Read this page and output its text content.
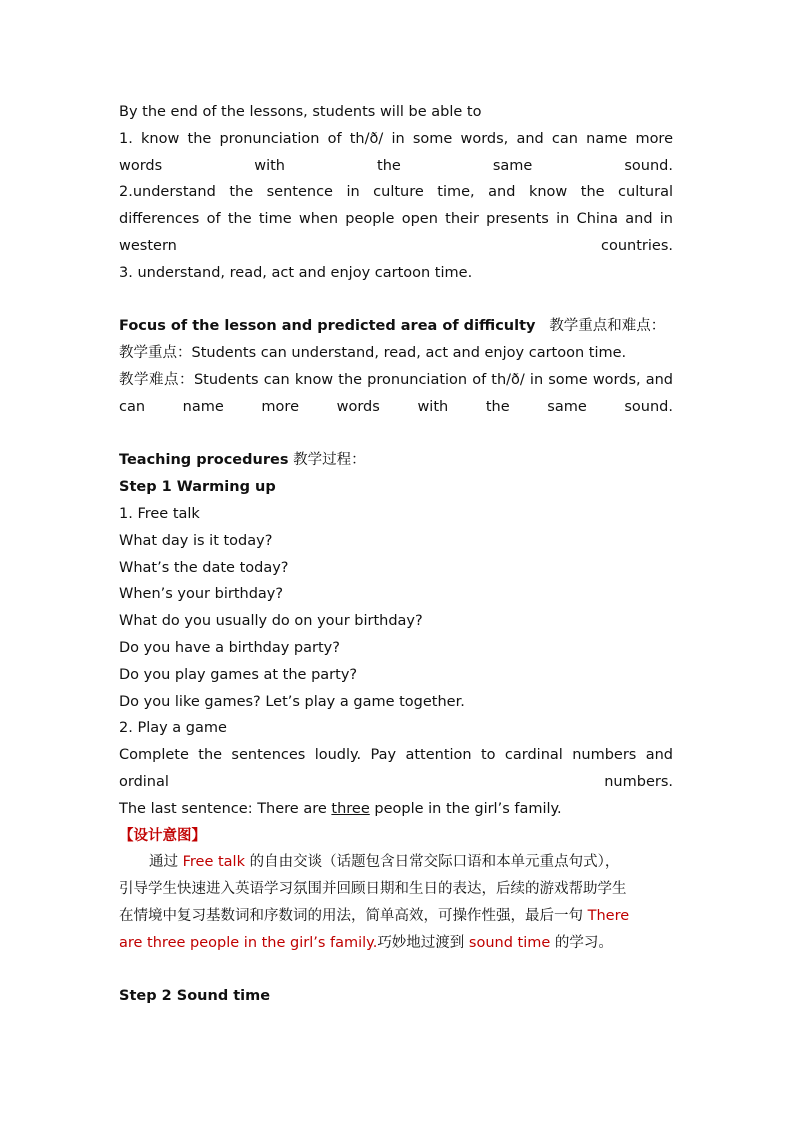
By the end of the lessons, students will be able to
1. know the pronunciation of th/ð/ in some words, and can name more words with the same sound.
2.understand the sentence in culture time, and know the cultural differences of the time when people open their presents in China and in western countries.
3. understand, read, act and enjoy cartoon time.
Focus of the lesson and predicted area of difficulty 教学重点和难点：
教学重点：Students can understand, read, act and enjoy cartoon time.
教学难点：Students can know the pronunciation of th/ð/ in some words, and can name more words with the same sound.
Teaching procedures 教学过程：
Step 1 Warming up
1. Free talk
What day is it today?
What’s the date today?
When’s your birthday?
What do you usually do on your birthday?
Do you have a birthday party?
Do you play games at the party?
Do you like games? Let’s play a game together.
2. Play a game
Complete the sentences loudly. Pay attention to cardinal numbers and ordinal numbers.
The last sentence: There are three people in the girl’s family.
【设计意图】
通过 Free talk 的自由交谈（话题包含日常交际口语和本单元重点句式），
引导学生快速进入英语学习氛围并回顾日期和生日的表达，后续的游戏帮助学生
在情境中复习基数词和序数词的用法，简单高效，可操作性强，最后一句 There
are three people in the girl’s family.巧妙地过渡到 sound time 的学习。
Step 2 Sound time
